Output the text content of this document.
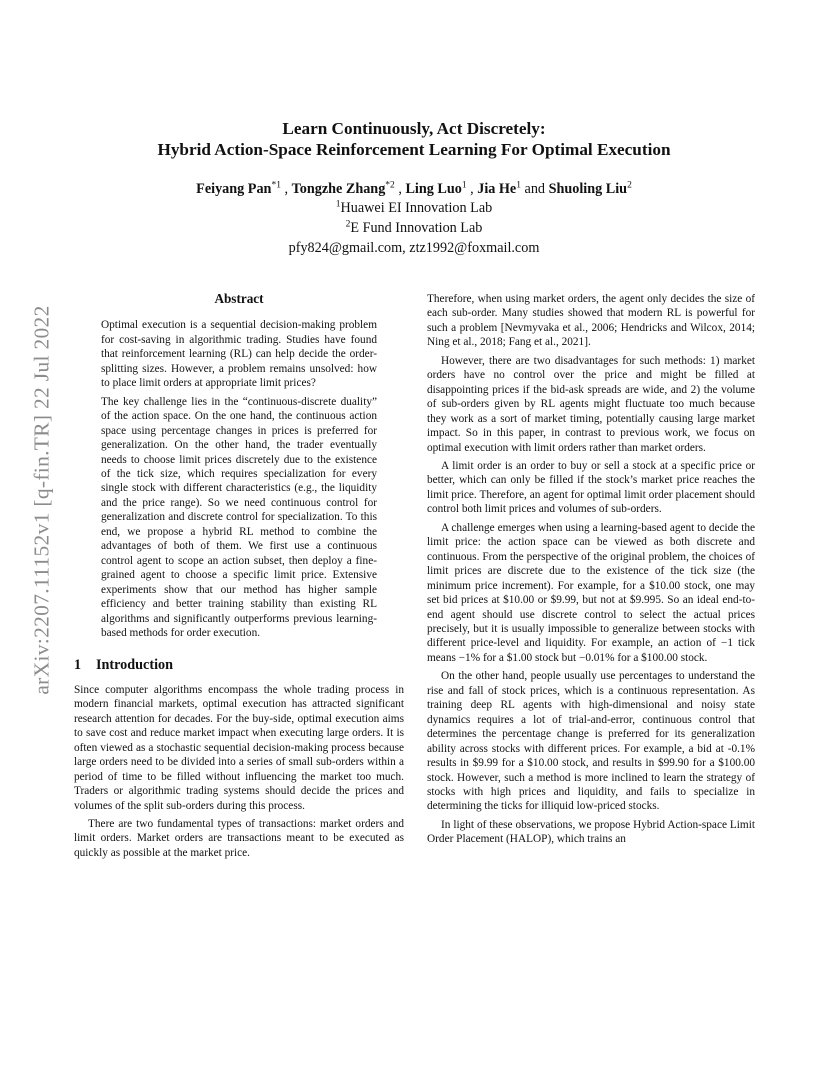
arXiv:2207.11152v1 [q-fin.TR] 22 Jul 2022
Learn Continuously, Act Discretely:
Hybrid Action-Space Reinforcement Learning For Optimal Execution
Feiyang Pan$^{*1}$ , Tongzhe Zhang$^{*2}$ , Ling Luo$^1$ , Jia He$^1$ and Shuoling Liu$^2$
$^1$Huawei EI Innovation Lab
$^2$E Fund Innovation Lab
pfy824@gmail.com, ztz1992@foxmail.com
Abstract

Optimal execution is a sequential decision-making problem for cost-saving in algorithmic trading. Studies have found that reinforcement learning (RL) can help decide the order-splitting sizes. However, a problem remains unsolved: how to place limit orders at appropriate limit prices?

The key challenge lies in the “continuous-discrete duality” of the action space. On the one hand, the continuous action space using percentage changes in prices is preferred for generalization. On the other hand, the trader eventually needs to choose limit prices discretely due to the existence of the tick size, which requires specialization for every single stock with different characteristics (e.g., the liquidity and the price range). So we need continuous control for generalization and discrete control for specialization. To this end, we propose a hybrid RL method to combine the advantages of both of them. We first use a continuous control agent to scope an action subset, then deploy a fine-grained agent to choose a specific limit price. Extensive experiments show that our method has higher sample efficiency and better training stability than existing RL algorithms and significantly outperforms previous learning-based methods for order execution.

1 Introduction

Since computer algorithms encompass the whole trading process in modern financial markets, optimal execution has attracted significant research attention for decades. For the buy-side, optimal execution aims to save cost and reduce market impact when executing large orders. It is often viewed as a stochastic sequential decision-making process because large orders need to be divided into a series of small sub-orders within a period of time to be filled without influencing the market too much. Traders or algorithmic trading systems should decide the prices and volumes of the split sub-orders during this process.

There are two fundamental types of transactions: market orders and limit orders. Market orders are transactions meant to be executed as quickly as possible at the market price.

Therefore, when using market orders, the agent only decides the size of each sub-order. Many studies showed that modern RL is powerful for such a problem [Nevmyvaka et al., 2006; Hendricks and Wilcox, 2014; Ning et al., 2018; Fang et al., 2021].

However, there are two disadvantages for such methods: 1) market orders have no control over the price and might be filled at disappointing prices if the bid-ask spreads are wide, and 2) the volume of sub-orders given by RL agents might fluctuate too much because they work as a sort of market timing, potentially causing large market impact. So in this paper, in contrast to previous work, we focus on optimal execution with limit orders rather than market orders.

A limit order is an order to buy or sell a stock at a specific price or better, which can only be filled if the stock’s market price reaches the limit price. Therefore, an agent for optimal limit order placement should control both limit prices and volumes of sub-orders.

A challenge emerges when using a learning-based agent to decide the limit price: the action space can be viewed as both discrete and continuous. From the perspective of the original problem, the choices of limit prices are discrete due to the existence of the tick size (the minimum price increment). For example, for a $10.00 stock, one may set bid prices at $10.00 or $9.99, but not at $9.995. So an ideal end-to-end agent should use discrete control to select the actual prices precisely, but it is usually impossible to generalize between stocks with different price-level and liquidity. For example, an action of −1 tick means −1% for a $1.00 stock but −0.01% for a $100.00 stock.

On the other hand, people usually use percentages to understand the rise and fall of stock prices, which is a continuous representation. As training deep RL agents with high-dimensional and noisy state dynamics requires a lot of trial-and-error, continuous control that determines the percentage change is preferred for its generalization ability across stocks with different prices. For example, a bid at -0.1% results in $9.99 for a $10.00 stock, and results in $99.90 for a $100.00 stock. However, such a method is more inclined to learn the strategy of stocks with high prices and liquidity, and fails to specialize in determining the ticks for illiquid low-priced stocks.

In light of these observations, we propose Hybrid Action-space Limit Order Placement (HALOP), which trains an
